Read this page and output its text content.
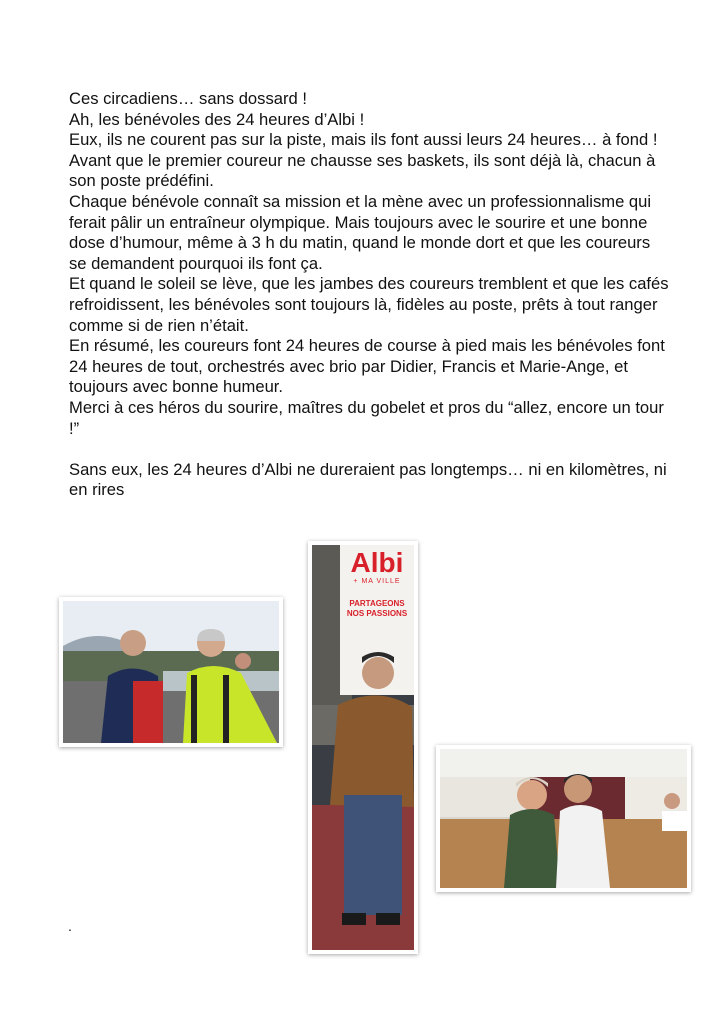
Ces circadiens… sans dossard !

Ah, les bénévoles des 24 heures d’Albi !

Eux, ils ne courent pas sur la piste, mais ils font aussi leurs 24 heures… à fond !

Avant que le premier coureur ne chausse ses baskets, ils sont déjà là, chacun à son poste prédéfini.

Chaque bénévole connaît sa mission et la mène avec un professionnalisme qui ferait pâlir un entraîneur olympique. Mais toujours avec le sourire et une bonne dose d’humour, même à 3 h du matin, quand le monde dort et que les coureurs se demandent pourquoi ils font ça.

Et quand le soleil se lève, que les jambes des coureurs tremblent et que les cafés refroidissent, les bénévoles sont toujours là, fidèles au poste, prêts à tout ranger comme si de rien n’était.

En résumé, les coureurs font 24 heures de course à pied mais les bénévoles font 24 heures de tout, orchestrés avec brio par Didier, Francis et Marie-Ange, et toujours avec bonne humeur.

Merci à ces héros du sourire, maîtres du gobelet et pros du “allez, encore un tour !”

Sans eux, les 24 heures d’Albi ne dureraient pas longtemps… ni en kilomètres, ni en rires

Albi
+ MA VILLE
PARTAGEONS
NOS PASSIONS
.
